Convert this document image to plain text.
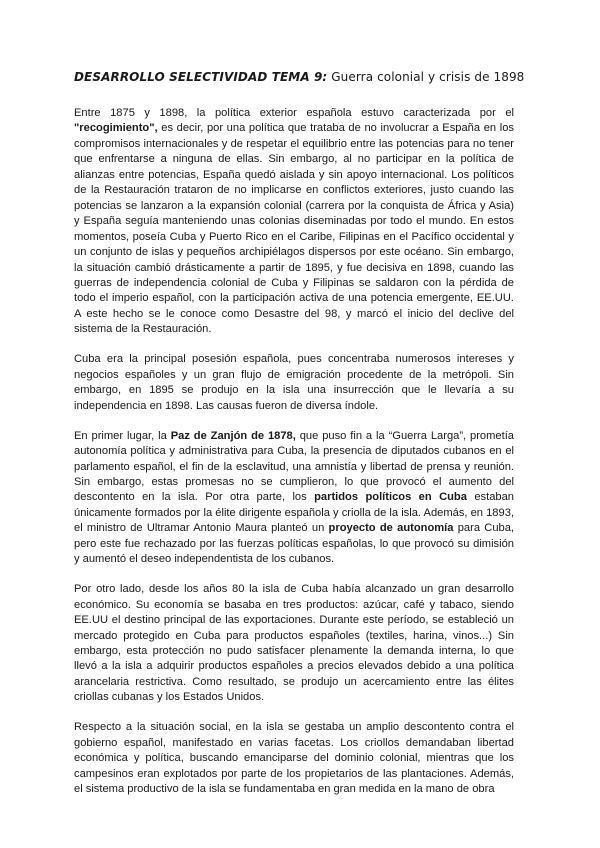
DESARROLLO SELECTIVIDAD TEMA 9: Guerra colonial y crisis de 1898

Entre 1875 y 1898, la política exterior española estuvo caracterizada por el "recogimiento", es decir, por una política que trataba de no involucrar a España en los compromisos internacionales y de respetar el equilibrio entre las potencias para no tener que enfrentarse a ninguna de ellas. Sin embargo, al no participar en la política de alianzas entre potencias, España quedó aislada y sin apoyo internacional. Los políticos de la Restauración trataron de no implicarse en conflictos exteriores, justo cuando las potencias se lanzaron a la expansión colonial (carrera por la conquista de África y Asia) y España seguía manteniendo unas colonias diseminadas por todo el mundo. En estos momentos, poseía Cuba y Puerto Rico en el Caribe, Filipinas en el Pacífico occidental y un conjunto de islas y pequeños archipiélagos dispersos por este océano. Sin embargo, la situación cambió drásticamente a partir de 1895, y fue decisiva en 1898, cuando las guerras de independencia colonial de Cuba y Filipinas se saldaron con la pérdida de todo el imperio español, con la participación activa de una potencia emergente, EE.UU. A este hecho se le conoce como Desastre del 98, y marcó el inicio del declive del sistema de la Restauración.

Cuba era la principal posesión española, pues concentraba numerosos intereses y negocios españoles y un gran flujo de emigración procedente de la metrópoli. Sin embargo, en 1895 se produjo en la isla una insurrección que le llevaría a su independencia en 1898. Las causas fueron de diversa índole.

En primer lugar, la Paz de Zanjón de 1878, que puso fin a la “Guerra Larga”, prometía autonomía política y administrativa para Cuba, la presencia de diputados cubanos en el parlamento español, el fin de la esclavitud, una amnistía y libertad de prensa y reunión. Sin embargo, estas promesas no se cumplieron, lo que provocó el aumento del descontento en la isla. Por otra parte, los partidos políticos en Cuba estaban únicamente formados por la élite dirigente española y criolla de la isla. Además, en 1893, el ministro de Ultramar Antonio Maura planteó un proyecto de autonomía para Cuba, pero este fue rechazado por las fuerzas políticas españolas, lo que provocó su dimisión y aumentó el deseo independentista de los cubanos.

Por otro lado, desde los años 80 la isla de Cuba había alcanzado un gran desarrollo económico. Su economía se basaba en tres productos: azúcar, café y tabaco, siendo EE.UU el destino principal de las exportaciones. Durante este período, se estableció un mercado protegido en Cuba para productos españoles (textiles, harina, vinos...) Sin embargo, esta protección no pudo satisfacer plenamente la demanda interna, lo que llevó a la isla a adquirir productos españoles a precios elevados debido a una política arancelaria restrictiva. Como resultado, se produjo un acercamiento entre las élites criollas cubanas y los Estados Unidos.

Respecto a la situación social, en la isla se gestaba un amplio descontento contra el gobierno español, manifestado en varias facetas. Los criollos demandaban libertad económica y política, buscando emanciparse del dominio colonial, mientras que los campesinos eran explotados por parte de los propietarios de las plantaciones. Además, el sistema productivo de la isla se fundamentaba en gran medida en la mano de obra
